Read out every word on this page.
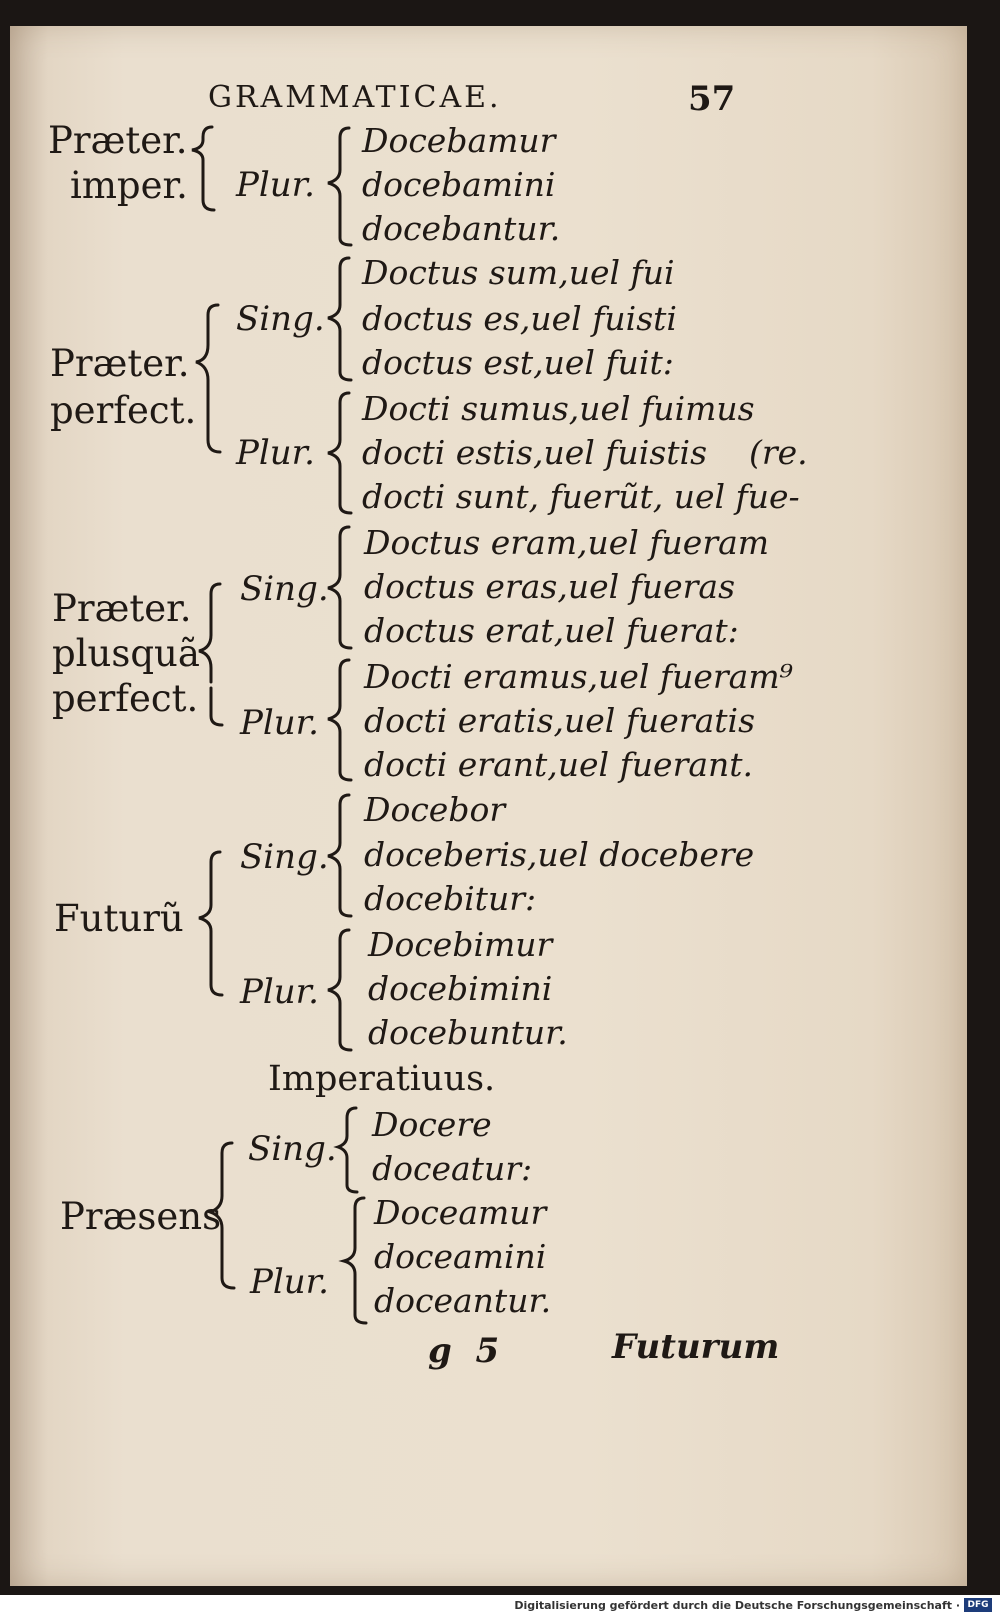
GRAMMATICAE.	57
Præter.
imper. Plur.
Docebamur
docebamini
docebantur.
Præter.
perfect.
Sing.
Plur.
Doctus sum,uel fui
doctus es,uel fuisti
doctus est,uel fuit:
Docti sumus,uel fuimus
docti estis,uel fuistis    (re.
docti sunt, fuerũt, uel fue-
Præter.
plusquã
perfect.
Sing.
Plur.
Doctus eram,uel fueram
doctus eras,uel fueras
doctus erat,uel fuerat:
Docti eramus,uel fueram⁹
docti eratis,uel fueratis
docti erant,uel fuerant.
Futurũ
Sing.
Plur.
Docebor
doceberis,uel docebere
docebitur:
Docebimur
docebimini
docebuntur.
Imperatiuus.
Præsens
Sing.
Plur.
Docere
doceatur:
Doceamur
doceamini
doceantur.
g  5	Futurum
Digitalisierung gefördert durch die Deutsche Forschungsgemeinschaft · DFG
